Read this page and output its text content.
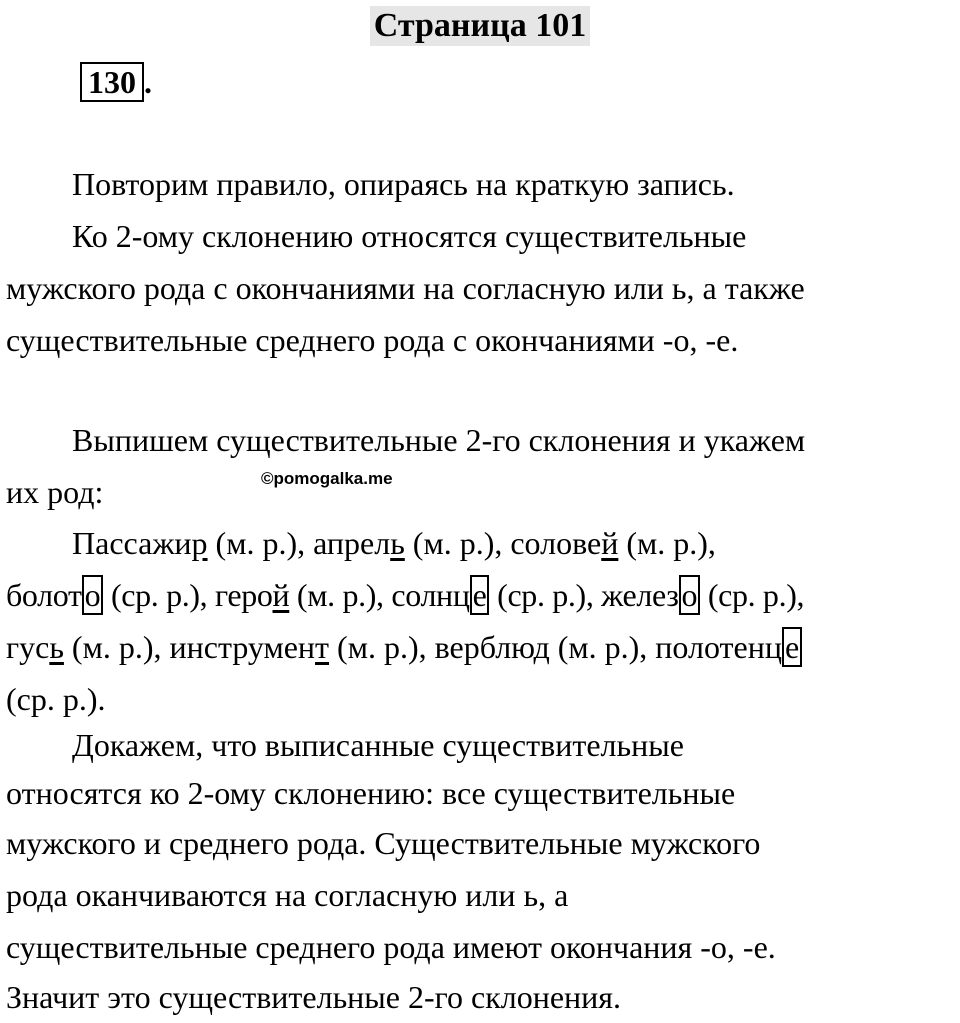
Страница 101
130 .
Повторим правило, опираясь на краткую запись.
Ко 2-ому склонению относятся существительные
мужского рода с окончаниями на согласную или ь, а также
существительные среднего рода с окончаниями -о, -е.
Выпишем существительные 2-го склонения и укажем
их род:	©pomogalka.me
Пассажир (м. р.), апрель (м. р.), соловей (м. р.),
болото (ср. р.), герой (м. р.), солнце (ср. р.), железо (ср. р.),
гусь (м. р.), инструмент (м. р.), верблюд (м. р.), полотенце
(ср. р.).
Докажем, что выписанные существительные
относятся ко 2-ому склонению: все существительные
мужского и среднего рода. Существительные мужского
рода оканчиваются на согласную или ь, а
существительные среднего рода имеют окончания -о, -е.
Значит это существительные 2-го склонения.
